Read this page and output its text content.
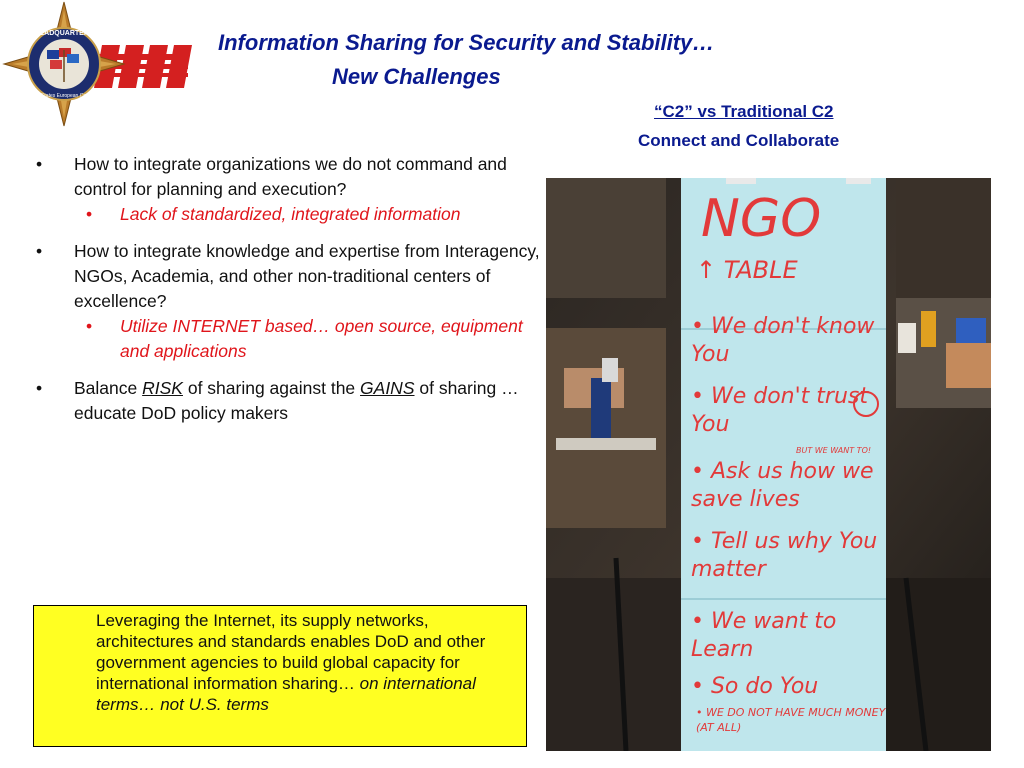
HEADQUARTERS
United States European Command
Information Sharing for Security and Stability…
New Challenges
“C2” vs Traditional C2
Connect and Collaborate
• How to integrate organizations we do not command and control for planning and execution?
• Lack of standardized, integrated information
• How to integrate knowledge and expertise from Interagency, NGOs, Academia, and other non-traditional centers of excellence?
• Utilize INTERNET based… open source, equipment and applications
• Balance RISK of sharing against the GAINS of sharing … educate DoD policy makers

Leveraging the Internet, its supply networks, architectures and standards enables DoD and other government agencies to build global capacity for international information sharing… on international terms… not U.S. terms

NGO
↑ TABLE
• We don't know You
• We don't trust You
BUT WE WANT TO!
• Ask us how we save lives
• Tell us why You matter
• We want to Learn
• So do You
• WE DO NOT HAVE MUCH MONEY (AT ALL)
